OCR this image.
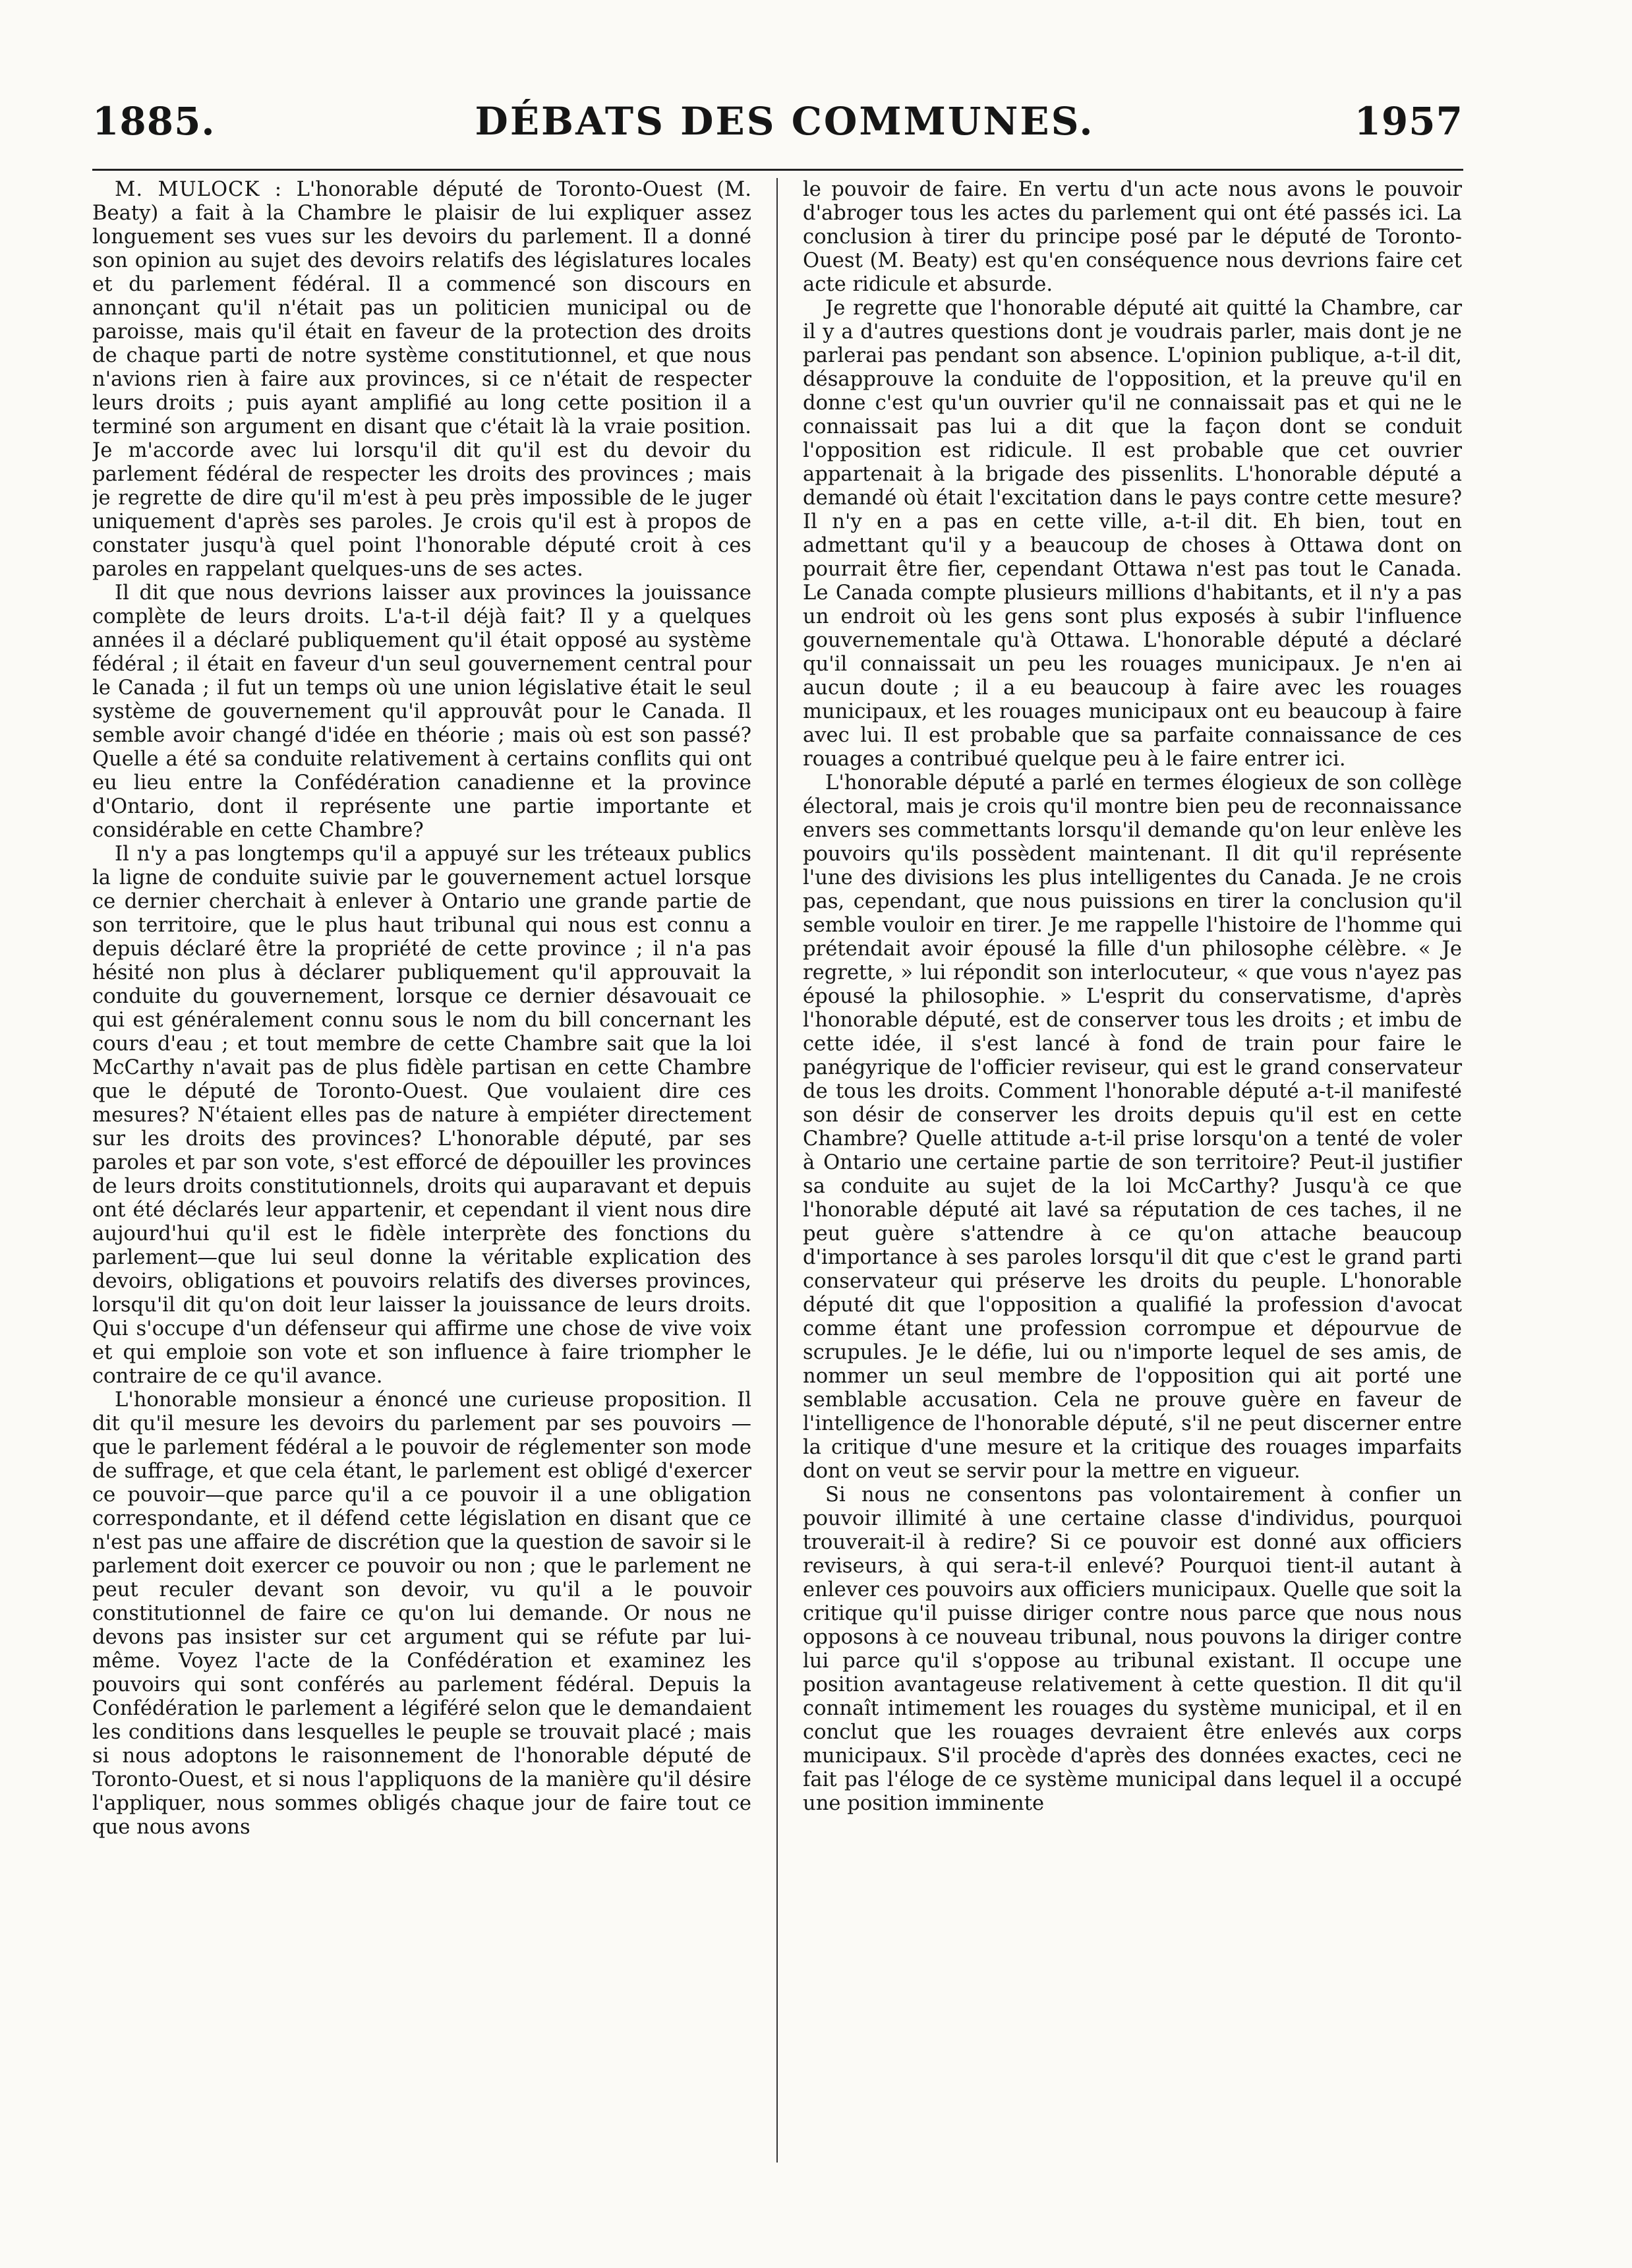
1885.	DÉBATS DES COMMUNES.	1957

M. MULOCK : L'honorable député de Toronto-Ouest (M. Beaty) a fait à la Chambre le plaisir de lui expliquer assez longuement ses vues sur les devoirs du parlement. Il a donné son opinion au sujet des devoirs relatifs des législatures locales et du parlement fédéral. Il a commencé son discours en annonçant qu'il n'était pas un politicien municipal ou de paroisse, mais qu'il était en faveur de la protection des droits de chaque parti de notre système constitutionnel, et que nous n'avions rien à faire aux provinces, si ce n'était de respecter leurs droits ; puis ayant amplifié au long cette position il a terminé son argument en disant que c'était là la vraie position. Je m'accorde avec lui lorsqu'il dit qu'il est du devoir du parlement fédéral de respecter les droits des provinces ; mais je regrette de dire qu'il m'est à peu près impossible de le juger uniquement d'après ses paroles. Je crois qu'il est à propos de constater jusqu'à quel point l'honorable député croit à ces paroles en rappelant quelques-uns de ses actes.

Il dit que nous devrions laisser aux provinces la jouissance complète de leurs droits. L'a-t-il déjà fait? Il y a quelques années il a déclaré publiquement qu'il était opposé au système fédéral ; il était en faveur d'un seul gouvernement central pour le Canada ; il fut un temps où une union législative était le seul système de gouvernement qu'il approuvât pour le Canada. Il semble avoir changé d'idée en théorie ; mais où est son passé? Quelle a été sa conduite relativement à certains conflits qui ont eu lieu entre la Confédération canadienne et la province d'Ontario, dont il représente une partie importante et considérable en cette Chambre?

Il n'y a pas longtemps qu'il a appuyé sur les tréteaux publics la ligne de conduite suivie par le gouvernement actuel lorsque ce dernier cherchait à enlever à Ontario une grande partie de son territoire, que le plus haut tribunal qui nous est connu a depuis déclaré être la propriété de cette province ; il n'a pas hésité non plus à déclarer publiquement qu'il approuvait la conduite du gouvernement, lorsque ce dernier désavouait ce qui est généralement connu sous le nom du bill concernant les cours d'eau ; et tout membre de cette Chambre sait que la loi McCarthy n'avait pas de plus fidèle partisan en cette Chambre que le député de Toronto-Ouest. Que voulaient dire ces mesures? N'étaient elles pas de nature à empiéter directement sur les droits des provinces? L'honorable député, par ses paroles et par son vote, s'est efforcé de dépouiller les provinces de leurs droits constitutionnels, droits qui auparavant et depuis ont été déclarés leur appartenir, et cependant il vient nous dire aujourd'hui qu'il est le fidèle interprète des fonctions du parlement—que lui seul donne la véritable explication des devoirs, obligations et pouvoirs relatifs des diverses provinces, lorsqu'il dit qu'on doit leur laisser la jouissance de leurs droits. Qui s'occupe d'un défenseur qui affirme une chose de vive voix et qui emploie son vote et son influence à faire triompher le contraire de ce qu'il avance.

L'honorable monsieur a énoncé une curieuse proposition. Il dit qu'il mesure les devoirs du parlement par ses pouvoirs —que le parlement fédéral a le pouvoir de réglementer son mode de suffrage, et que cela étant, le parlement est obligé d'exercer ce pouvoir—que parce qu'il a ce pouvoir il a une obligation correspondante, et il défend cette législation en disant que ce n'est pas une affaire de discrétion que la question de savoir si le parlement doit exercer ce pouvoir ou non ; que le parlement ne peut reculer devant son devoir, vu qu'il a le pouvoir constitutionnel de faire ce qu'on lui demande. Or nous ne devons pas insister sur cet argument qui se réfute par lui-même. Voyez l'acte de la Confédération et examinez les pouvoirs qui sont conférés au parlement fédéral. Depuis la Confédération le parlement a légiféré selon que le demandaient les conditions dans lesquelles le peuple se trouvait placé ; mais si nous adoptons le raisonnement de l'honorable député de Toronto-Ouest, et si nous l'appliquons de la manière qu'il désire l'appliquer, nous sommes obligés chaque jour de faire tout ce que nous avons

le pouvoir de faire. En vertu d'un acte nous avons le pouvoir d'abroger tous les actes du parlement qui ont été passés ici. La conclusion à tirer du principe posé par le député de Toronto-Ouest (M. Beaty) est qu'en conséquence nous devrions faire cet acte ridicule et absurde.

Je regrette que l'honorable député ait quitté la Chambre, car il y a d'autres questions dont je voudrais parler, mais dont je ne parlerai pas pendant son absence. L'opinion publique, a-t-il dit, désapprouve la conduite de l'opposition, et la preuve qu'il en donne c'est qu'un ouvrier qu'il ne connaissait pas et qui ne le connaissait pas lui a dit que la façon dont se conduit l'opposition est ridicule. Il est probable que cet ouvrier appartenait à la brigade des pissenlits. L'honorable député a demandé où était l'excitation dans le pays contre cette mesure? Il n'y en a pas en cette ville, a-t-il dit. Eh bien, tout en admettant qu'il y a beaucoup de choses à Ottawa dont on pourrait être fier, cependant Ottawa n'est pas tout le Canada. Le Canada compte plusieurs millions d'habitants, et il n'y a pas un endroit où les gens sont plus exposés à subir l'influence gouvernementale qu'à Ottawa. L'honorable député a déclaré qu'il connaissait un peu les rouages municipaux. Je n'en ai aucun doute ; il a eu beaucoup à faire avec les rouages municipaux, et les rouages municipaux ont eu beaucoup à faire avec lui. Il est probable que sa parfaite connaissance de ces rouages a contribué quelque peu à le faire entrer ici.

L'honorable député a parlé en termes élogieux de son collège électoral, mais je crois qu'il montre bien peu de reconnaissance envers ses commettants lorsqu'il demande qu'on leur enlève les pouvoirs qu'ils possèdent maintenant. Il dit qu'il représente l'une des divisions les plus intelligentes du Canada. Je ne crois pas, cependant, que nous puissions en tirer la conclusion qu'il semble vouloir en tirer. Je me rappelle l'histoire de l'homme qui prétendait avoir épousé la fille d'un philosophe célèbre. « Je regrette, » lui répondit son interlocuteur, « que vous n'ayez pas épousé la philosophie. » L'esprit du conservatisme, d'après l'honorable député, est de conserver tous les droits ; et imbu de cette idée, il s'est lancé à fond de train pour faire le panégyrique de l'officier reviseur, qui est le grand conservateur de tous les droits. Comment l'honorable député a-t-il manifesté son désir de conserver les droits depuis qu'il est en cette Chambre? Quelle attitude a-t-il prise lorsqu'on a tenté de voler à Ontario une certaine partie de son territoire? Peut-il justifier sa conduite au sujet de la loi McCarthy? Jusqu'à ce que l'honorable député ait lavé sa réputation de ces taches, il ne peut guère s'attendre à ce qu'on attache beaucoup d'importance à ses paroles lorsqu'il dit que c'est le grand parti conservateur qui préserve les droits du peuple. L'honorable député dit que l'opposition a qualifié la profession d'avocat comme étant une profession corrompue et dépourvue de scrupules. Je le défie, lui ou n'importe lequel de ses amis, de nommer un seul membre de l'opposition qui ait porté une semblable accusation. Cela ne prouve guère en faveur de l'intelligence de l'honorable député, s'il ne peut discerner entre la critique d'une mesure et la critique des rouages imparfaits dont on veut se servir pour la mettre en vigueur.

Si nous ne consentons pas volontairement à confier un pouvoir illimité à une certaine classe d'individus, pourquoi trouverait-il à redire? Si ce pouvoir est donné aux officiers reviseurs, à qui sera-t-il enlevé? Pourquoi tient-il autant à enlever ces pouvoirs aux officiers municipaux. Quelle que soit la critique qu'il puisse diriger contre nous parce que nous nous opposons à ce nouveau tribunal, nous pouvons la diriger contre lui parce qu'il s'oppose au tribunal existant. Il occupe une position avantageuse relativement à cette question. Il dit qu'il connaît intimement les rouages du système municipal, et il en conclut que les rouages devraient être enlevés aux corps municipaux. S'il procède d'après des données exactes, ceci ne fait pas l'éloge de ce système municipal dans lequel il a occupé une position imminente
